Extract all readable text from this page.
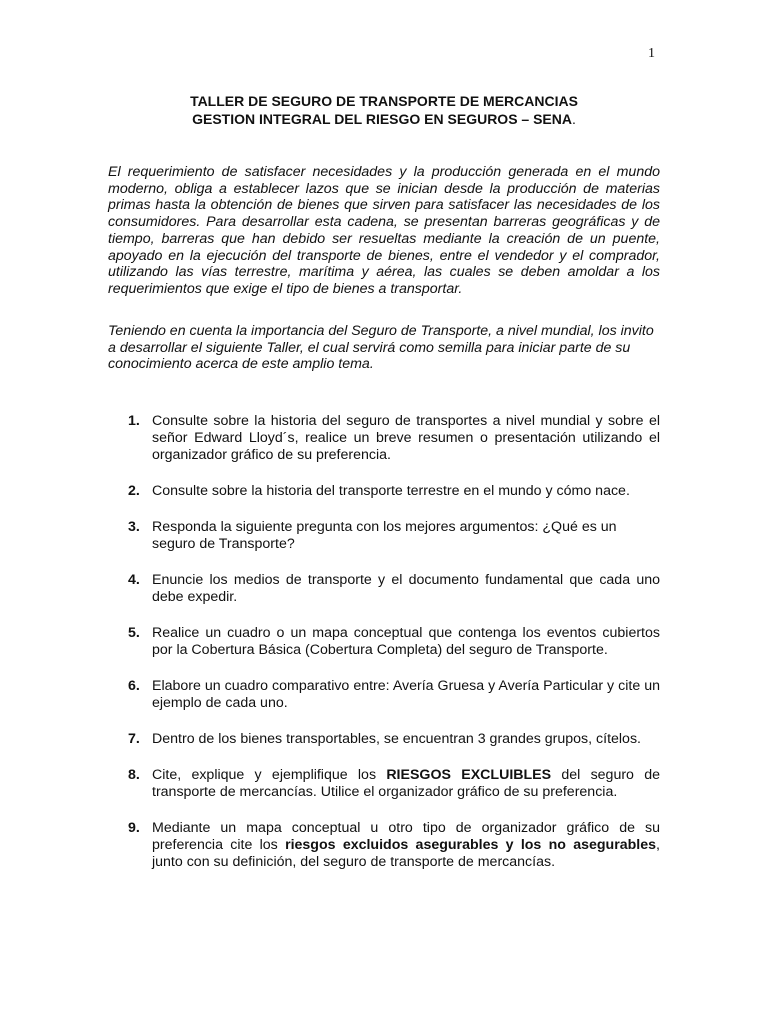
1
TALLER DE SEGURO DE TRANSPORTE DE MERCANCIAS
GESTION INTEGRAL DEL RIESGO EN SEGUROS – SENA.

El requerimiento de satisfacer necesidades y la producción generada en el mundo moderno, obliga a establecer lazos que se inician desde la producción de materias primas hasta la obtención de bienes que sirven para satisfacer las necesidades de los consumidores. Para desarrollar esta cadena, se presentan barreras geográficas y de tiempo, barreras que han debido ser resueltas mediante la creación de un puente, apoyado en la ejecución del transporte de bienes, entre el vendedor y el comprador, utilizando las vías terrestre, marítima y aérea, las cuales se deben amoldar a los requerimientos que exige el tipo de bienes a transportar.

Teniendo en cuenta la importancia del Seguro de Transporte, a nivel mundial, los invito a desarrollar el siguiente Taller, el cual servirá como semilla para iniciar parte de su conocimiento acerca de este amplio tema.

1. Consulte sobre la historia del seguro de transportes a nivel mundial y sobre el señor Edward Lloyd´s, realice un breve resumen o presentación utilizando el organizador gráfico de su preferencia.
2. Consulte sobre la historia del transporte terrestre en el mundo y cómo nace.
3. Responda la siguiente pregunta con los mejores argumentos: ¿Qué es un seguro de Transporte?
4. Enuncie los medios de transporte y el documento fundamental que cada uno debe expedir.
5. Realice un cuadro o un mapa conceptual que contenga los eventos cubiertos por la Cobertura Básica (Cobertura Completa) del seguro de Transporte.
6. Elabore un cuadro comparativo entre: Avería Gruesa y Avería Particular y cite un ejemplo de cada uno.
7. Dentro de los bienes transportables, se encuentran 3 grandes grupos, cítelos.
8. Cite, explique y ejemplifique los RIESGOS EXCLUIBLES del seguro de transporte de mercancías. Utilice el organizador gráfico de su preferencia.
9. Mediante un mapa conceptual u otro tipo de organizador gráfico de su preferencia cite los riesgos excluidos asegurables y los no asegurables, junto con su definición, del seguro de transporte de mercancías.
